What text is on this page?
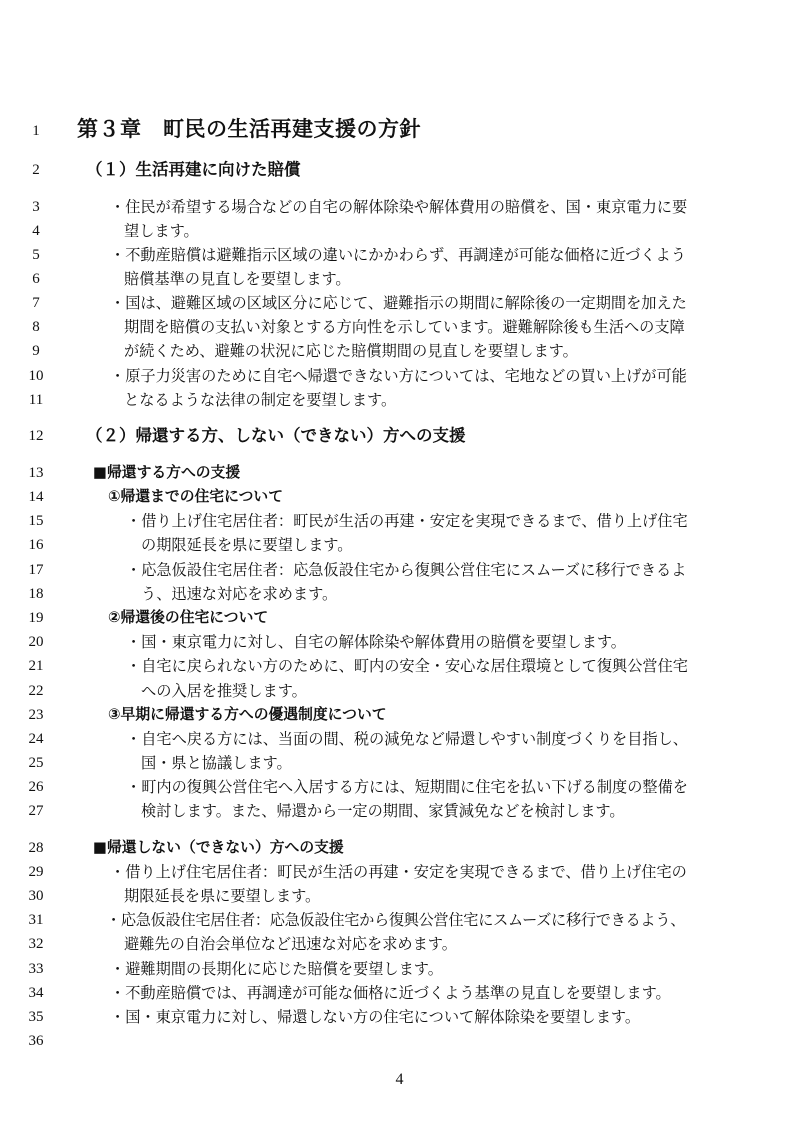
1	第３章　町民の生活再建支援の方針
2	（１）生活再建に向けた賠償
3	・住民が希望する場合などの自宅の解体除染や解体費用の賠償を、国・東京電力に要
4	望します。
5	・不動産賠償は避難指示区域の違いにかかわらず、再調達が可能な価格に近づくよう
6	賠償基準の見直しを要望します。
7	・国は、避難区域の区域区分に応じて、避難指示の期間に解除後の一定期間を加えた
8	期間を賠償の支払い対象とする方向性を示しています。避難解除後も生活への支障
9	が続くため、避難の状況に応じた賠償期間の見直しを要望します。
10	・原子力災害のために自宅へ帰還できない方については、宅地などの買い上げが可能
11	となるような法律の制定を要望します。
12	（２）帰還する方、しない（できない）方への支援
13	■帰還する方への支援
14	①帰還までの住宅について
15	・借り上げ住宅居住者：町民が生活の再建・安定を実現できるまで、借り上げ住宅
16	の期限延長を県に要望します。
17	・応急仮設住宅居住者：応急仮設住宅から復興公営住宅にスムーズに移行できるよ
18	う、迅速な対応を求めます。
19	②帰還後の住宅について
20	・国・東京電力に対し、自宅の解体除染や解体費用の賠償を要望します。
21	・自宅に戻られない方のために、町内の安全・安心な居住環境として復興公営住宅
22	への入居を推奨します。
23	③早期に帰還する方への優遇制度について
24	・自宅へ戻る方には、当面の間、税の減免など帰還しやすい制度づくりを目指し、
25	国・県と協議します。
26	・町内の復興公営住宅へ入居する方には、短期間に住宅を払い下げる制度の整備を
27	検討します。また、帰還から一定の期間、家賃減免などを検討します。
28	■帰還しない（できない）方への支援
29	・借り上げ住宅居住者：町民が生活の再建・安定を実現できるまで、借り上げ住宅の
30	期限延長を県に要望します。
31	・応急仮設住宅居住者：応急仮設住宅から復興公営住宅にスムーズに移行できるよう、
32	避難先の自治会単位など迅速な対応を求めます。
33	・避難期間の長期化に応じた賠償を要望します。
34	・不動産賠償では、再調達が可能な価格に近づくよう基準の見直しを要望します。
35	・国・東京電力に対し、帰還しない方の住宅について解体除染を要望します。
36
4
